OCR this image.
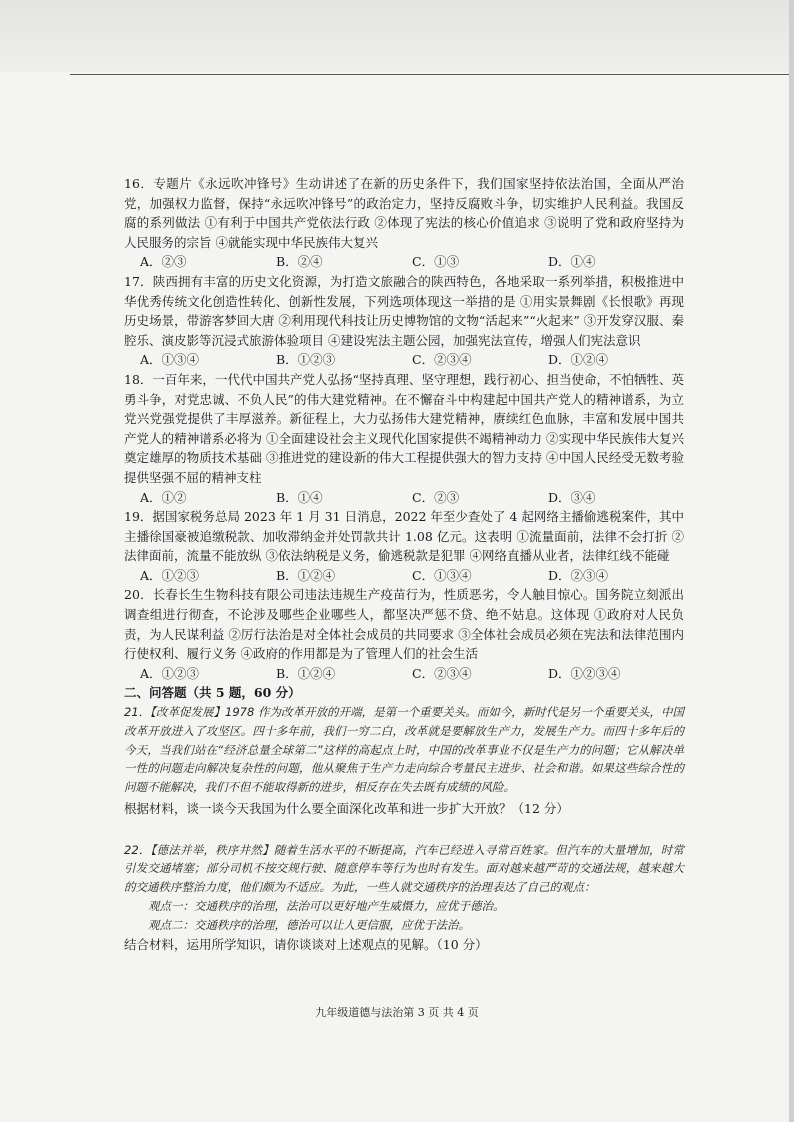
16．专题片《永远吹冲锋号》生动讲述了在新的历史条件下，我们国家坚持依法治国，全面从严治党，加强权力监督，保持“永远吹冲锋号”的政治定力，坚持反腐败斗争，切实维护人民利益。我国反腐的系列做法 ①有利于中国共产党依法行政 ②体现了宪法的核心价值追求 ③说明了党和政府坚持为人民服务的宗旨 ④就能实现中华民族伟大复兴

A．②③	B．②④	C．①③	D．①④

17．陕西拥有丰富的历史文化资源，为打造文旅融合的陕西特色，各地采取一系列举措，积极推进中华优秀传统文化创造性转化、创新性发展，下列选项体现这一举措的是 ①用实景舞剧《长恨歌》再现历史场景，带游客梦回大唐 ②利用现代科技让历史博物馆的文物“活起来”“火起来” ③开发穿汉服、秦腔乐、演皮影等沉浸式旅游体验项目 ④建设宪法主题公园，加强宪法宣传，增强人们宪法意识

A．①③④	B．①②③	C．②③④	D．①②④

18．一百年来，一代代中国共产党人弘扬“坚持真理、坚守理想，践行初心、担当使命，不怕牺牲、英勇斗争，对党忠诚、不负人民”的伟大建党精神。在不懈奋斗中构建起中国共产党人的精神谱系，为立党兴党强党提供了丰厚滋养。新征程上，大力弘扬伟大建党精神，赓续红色血脉，丰富和发展中国共产党人的精神谱系必将为 ①全面建设社会主义现代化国家提供不竭精神动力 ②实现中华民族伟大复兴奠定雄厚的物质技术基础 ③推进党的建设新的伟大工程提供强大的智力支持 ④中国人民经受无数考验提供坚强不屈的精神支柱

A．①②	B．①④	C．②③	D．③④

19．据国家税务总局 2023 年 1 月 31 日消息，2022 年至少查处了 4 起网络主播偷逃税案件，其中主播徐国豪被追缴税款、加收滞纳金并处罚款共计 1.08 亿元。这表明 ①流量面前，法律不会打折 ②法律面前，流量不能放纵 ③依法纳税是义务，偷逃税款是犯罪 ④网络直播从业者，法律红线不能碰

A．①②③	B．①②④	C．①③④	D．②③④

20．长春长生生物科技有限公司违法违规生产疫苗行为，性质恶劣，令人触目惊心。国务院立刻派出调查组进行彻查，不论涉及哪些企业哪些人，都坚决严惩不贷、绝不姑息。这体现 ①政府对人民负责，为人民谋利益 ②厉行法治是对全体社会成员的共同要求 ③全体社会成员必须在宪法和法律范围内行使权利、履行义务 ④政府的作用都是为了管理人们的社会生活

A．①②③	B．①②④	C．②③④	D．①②③④

二、问答题（共 5 题，60 分）

21．【改革促发展】1978 作为改革开放的开端，是第一个重要关头。而如今，新时代是另一个重要关头，中国改革开放进入了攻坚区。四十多年前，我们一穷二白，改革就是要解放生产力，发展生产力。而四十多年后的今天，当我们站在“经济总量全球第二”这样的高起点上时，中国的改革事业不仅是生产力的问题；它从解决单一性的问题走向解决复杂性的问题，他从聚焦于生产力走向综合考量民主进步、社会和谐。如果这些综合性的问题不能解决，我们不但不能取得新的进步，相反存在失去既有成绩的风险。

根据材料，谈一谈今天我国为什么要全面深化改革和进一步扩大开放？（12 分）

22．【德法并举，秩序井然】随着生活水平的不断提高，汽车已经进入寻常百姓家。但汽车的大量增加，时常引发交通堵塞；部分司机不按交规行驶、随意停车等行为也时有发生。面对越来越严苛的交通法规，越来越大的交通秩序整治力度，他们颇为不适应。为此，一些人就交通秩序的治理表达了自己的观点：

观点一：交通秩序的治理，法治可以更好地产生威慑力，应优于德治。

观点二：交通秩序的治理，德治可以让人更信服，应优于法治。

结合材料，运用所学知识，请你谈谈对上述观点的见解。（10 分）

九年级道德与法治第 3 页 共 4 页
